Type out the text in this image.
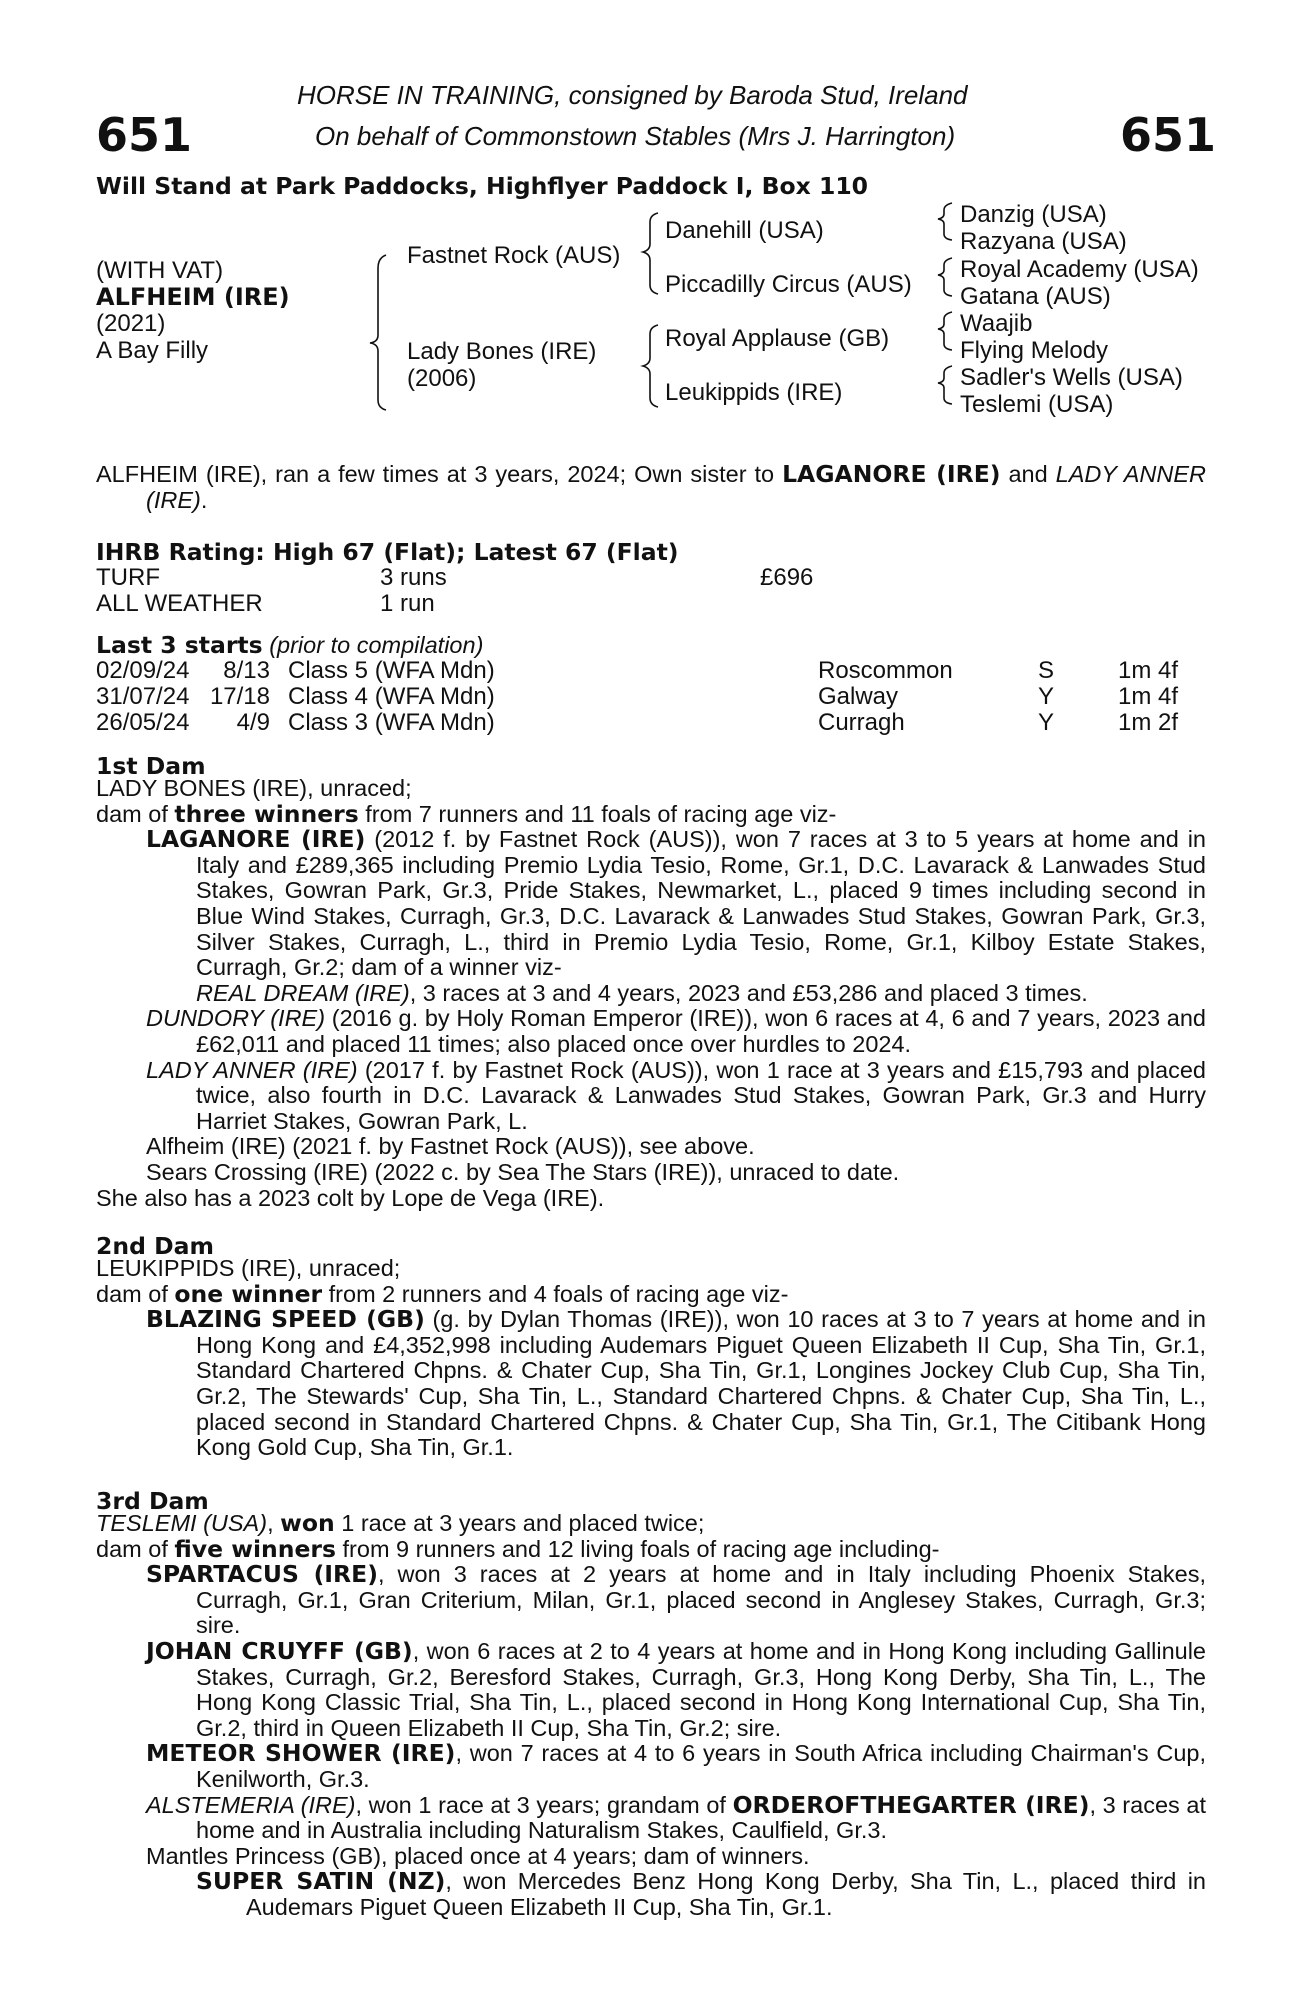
651	651
HORSE IN TRAINING, consigned by Baroda Stud, Ireland
On behalf of Commonstown Stables (Mrs J. Harrington)
Will Stand at Park Paddocks, Highflyer Paddock I, Box 110
(WITH VAT)
ALFHEIM (IRE)
(2021)
A Bay Filly
Fastnet Rock (AUS)
Lady Bones (IRE)
(2006)
Danehill (USA)
Piccadilly Circus (AUS)
Royal Applause (GB)
Leukippids (IRE)
Danzig (USA)
Razyana (USA)
Royal Academy (USA)
Gatana (AUS)
Waajib
Flying Melody
Sadler's Wells (USA)
Teslemi (USA)

ALFHEIM (IRE), ran a few times at 3 years, 2024; Own sister to LAGANORE (IRE) and LADY ANNER (IRE).

IHRB Rating: High 67 (Flat); Latest 67 (Flat)
TURF	3 runs	£696
ALL WEATHER	1 run
Last 3 starts (prior to compilation)
02/09/24	8/13 Class 5 (WFA Mdn)	Roscommon	S	1m 4f
31/07/24 17/18 Class 4 (WFA Mdn)	Galway	Y	1m 4f
26/05/24	4/9 Class 3 (WFA Mdn)	Curragh	Y	1m 2f
1st Dam

LADY BONES (IRE), unraced;

dam of three winners from 7 runners and 11 foals of racing age viz-

LAGANORE (IRE) (2012 f. by Fastnet Rock (AUS)), won 7 races at 3 to 5 years at home and in Italy and £289,365 including Premio Lydia Tesio, Rome, Gr.1, D.C. Lavarack & Lanwades Stud Stakes, Gowran Park, Gr.3, Pride Stakes, Newmarket, L., placed 9 times including second in Blue Wind Stakes, Curragh, Gr.3, D.C. Lavarack & Lanwades Stud Stakes, Gowran Park, Gr.3, Silver Stakes, Curragh, L., third in Premio Lydia Tesio, Rome, Gr.1, Kilboy Estate Stakes, Curragh, Gr.2; dam of a winner viz-

REAL DREAM (IRE), 3 races at 3 and 4 years, 2023 and £53,286 and placed 3 times.

DUNDORY (IRE) (2016 g. by Holy Roman Emperor (IRE)), won 6 races at 4, 6 and 7 years, 2023 and £62,011 and placed 11 times; also placed once over hurdles to 2024.

LADY ANNER (IRE) (2017 f. by Fastnet Rock (AUS)), won 1 race at 3 years and £15,793 and placed twice, also fourth in D.C. Lavarack & Lanwades Stud Stakes, Gowran Park, Gr.3 and Hurry Harriet Stakes, Gowran Park, L.

Alfheim (IRE) (2021 f. by Fastnet Rock (AUS)), see above.

Sears Crossing (IRE) (2022 c. by Sea The Stars (IRE)), unraced to date.

She also has a 2023 colt by Lope de Vega (IRE).

2nd Dam

LEUKIPPIDS (IRE), unraced;

dam of one winner from 2 runners and 4 foals of racing age viz-

BLAZING SPEED (GB) (g. by Dylan Thomas (IRE)), won 10 races at 3 to 7 years at home and in Hong Kong and £4,352,998 including Audemars Piguet Queen Elizabeth II Cup, Sha Tin, Gr.1, Standard Chartered Chpns. & Chater Cup, Sha Tin, Gr.1, Longines Jockey Club Cup, Sha Tin, Gr.2, The Stewards' Cup, Sha Tin, L., Standard Chartered Chpns. & Chater Cup, Sha Tin, L., placed second in Standard Chartered Chpns. & Chater Cup, Sha Tin, Gr.1, The Citibank Hong Kong Gold Cup, Sha Tin, Gr.1.

3rd Dam

TESLEMI (USA), won 1 race at 3 years and placed twice;

dam of five winners from 9 runners and 12 living foals of racing age including-

SPARTACUS (IRE), won 3 races at 2 years at home and in Italy including Phoenix Stakes, Curragh, Gr.1, Gran Criterium, Milan, Gr.1, placed second in Anglesey Stakes, Curragh, Gr.3; sire.

JOHAN CRUYFF (GB), won 6 races at 2 to 4 years at home and in Hong Kong including Gallinule Stakes, Curragh, Gr.2, Beresford Stakes, Curragh, Gr.3, Hong Kong Derby, Sha Tin, L., The Hong Kong Classic Trial, Sha Tin, L., placed second in Hong Kong International Cup, Sha Tin, Gr.2, third in Queen Elizabeth II Cup, Sha Tin, Gr.2; sire.

METEOR SHOWER (IRE), won 7 races at 4 to 6 years in South Africa including Chairman's Cup, Kenilworth, Gr.3.

ALSTEMERIA (IRE), won 1 race at 3 years; grandam of ORDEROFTHEGARTER (IRE), 3 races at home and in Australia including Naturalism Stakes, Caulfield, Gr.3.

Mantles Princess (GB), placed once at 4 years; dam of winners.

SUPER SATIN (NZ), won Mercedes Benz Hong Kong Derby, Sha Tin, L., placed third in Audemars Piguet Queen Elizabeth II Cup, Sha Tin, Gr.1.
